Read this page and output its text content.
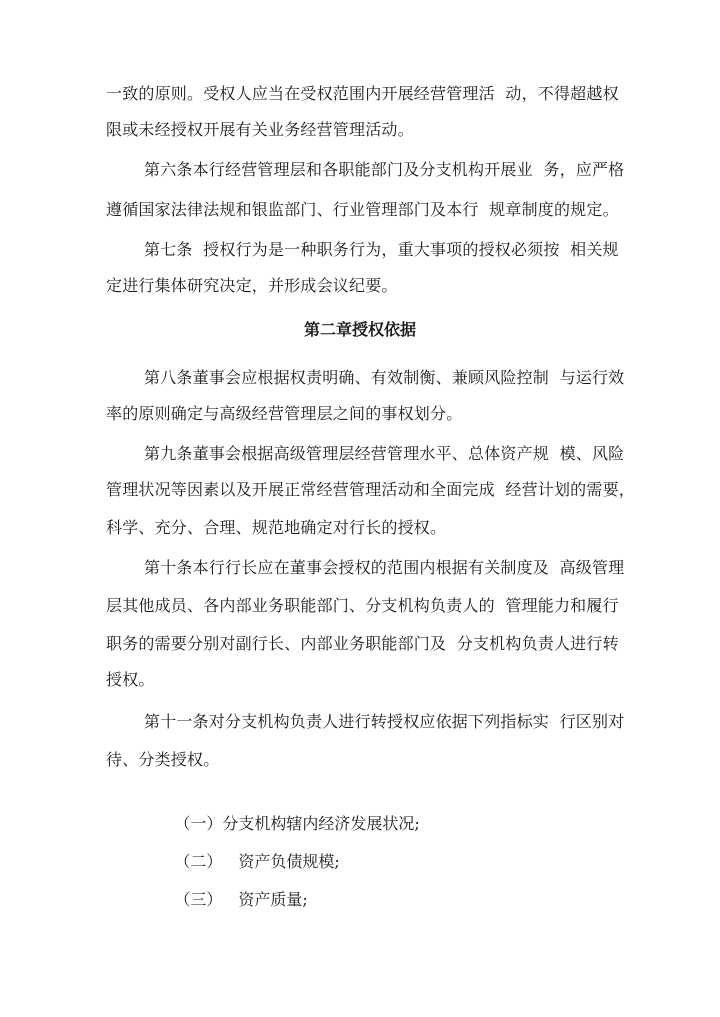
一致的原则。受权人应当在受权范围内开展经营管理活  动，不得超越权
限或未经授权开展有关业务经营管理活动。
第六条本行经营管理层和各职能部门及分支机构开展业  务，应严格
遵循国家法律法规和银监部门、行业管理部门及本行  规章制度的规定。
第七条  授权行为是一种职务行为，重大事项的授权必须按  相关规
定进行集体研究决定，并形成会议纪要。
第二章授权依据
第八条董事会应根据权责明确、有效制衡、兼顾风险控制  与运行效
率的原则确定与高级经营管理层之间的事权划分。
第九条董事会根据高级管理层经营管理水平、总体资产规  模、风险
管理状况等因素以及开展正常经营管理活动和全面完成  经营计划的需要，
科学、充分、合理、规范地确定对行长的授权。
第十条本行行长应在董事会授权的范围内根据有关制度及  高级管理
层其他成员、各内部业务职能部门、分支机构负责人的  管理能力和履行
职务的需要分别对副行长、内部业务职能部门及  分支机构负责人进行转
授权。
第十一条对分支机构负责人进行转授权应依据下列指标实  行区别对
待、分类授权。

（一）分支机构辖内经济发展状况;

（二） 资产负债规模;

（三） 资产质量;
